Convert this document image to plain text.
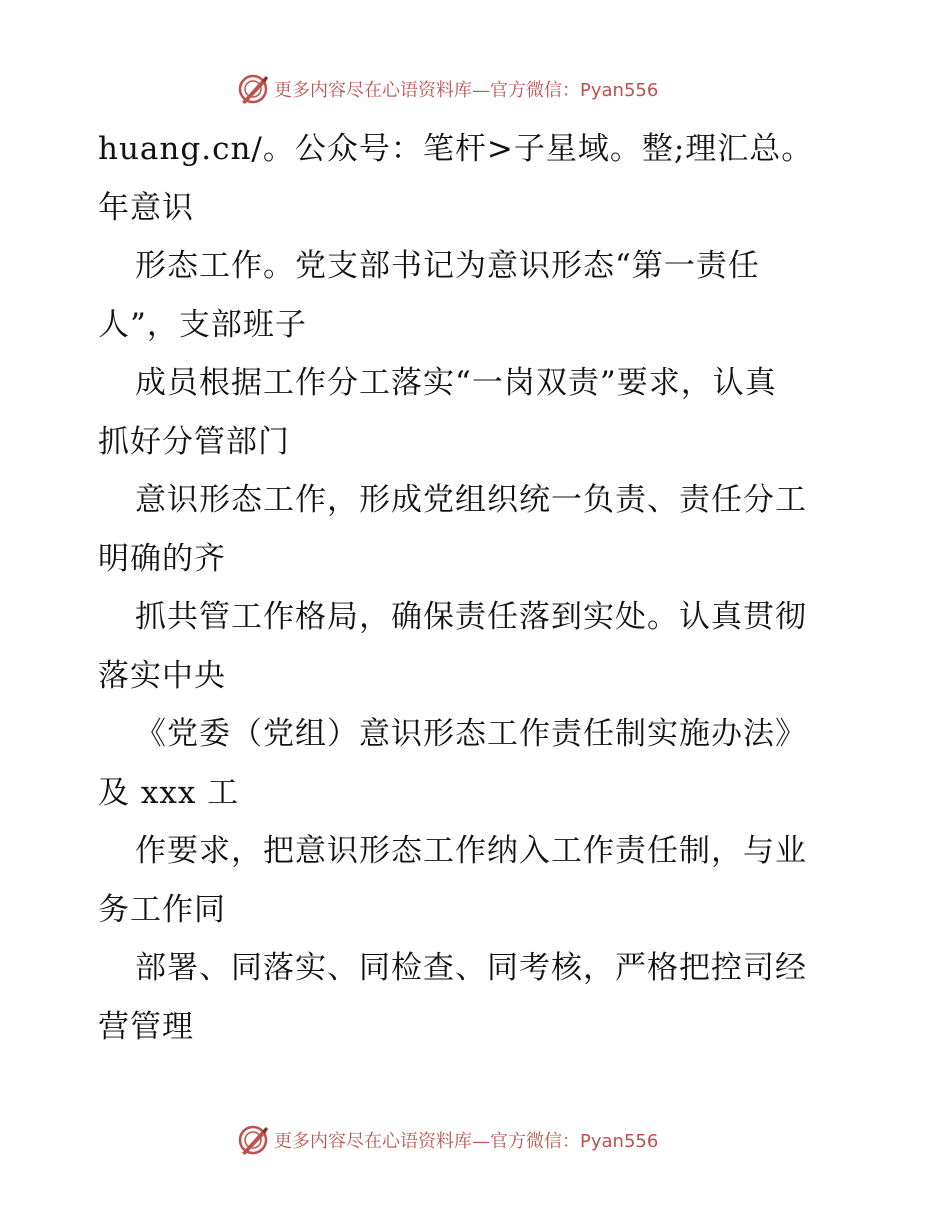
更多内容尽在心语资料库— 官方微信：Pyan556
huang.cn/。公众号：笔杆>子星域。整;理汇总。
年意识
形态工作。党支部书记为意识形态“第一责任
人”，支部班子
成员根据工作分工落实“一岗双责”要求，认真
抓好分管部门
意识形态工作，形成党组织统一负责、责任分工
明确的齐
抓共管工作格局，确保责任落到实处。认真贯彻
落实中央
《党委（党组）意识形态工作责任制实施办法》
及 xxx 工
作要求，把意识形态工作纳入工作责任制，与业
务工作同
部署、同落实、同检查、同考核，严格把控司经
营管理
更多内容尽在心语资料库— 官方微信：Pyan556
